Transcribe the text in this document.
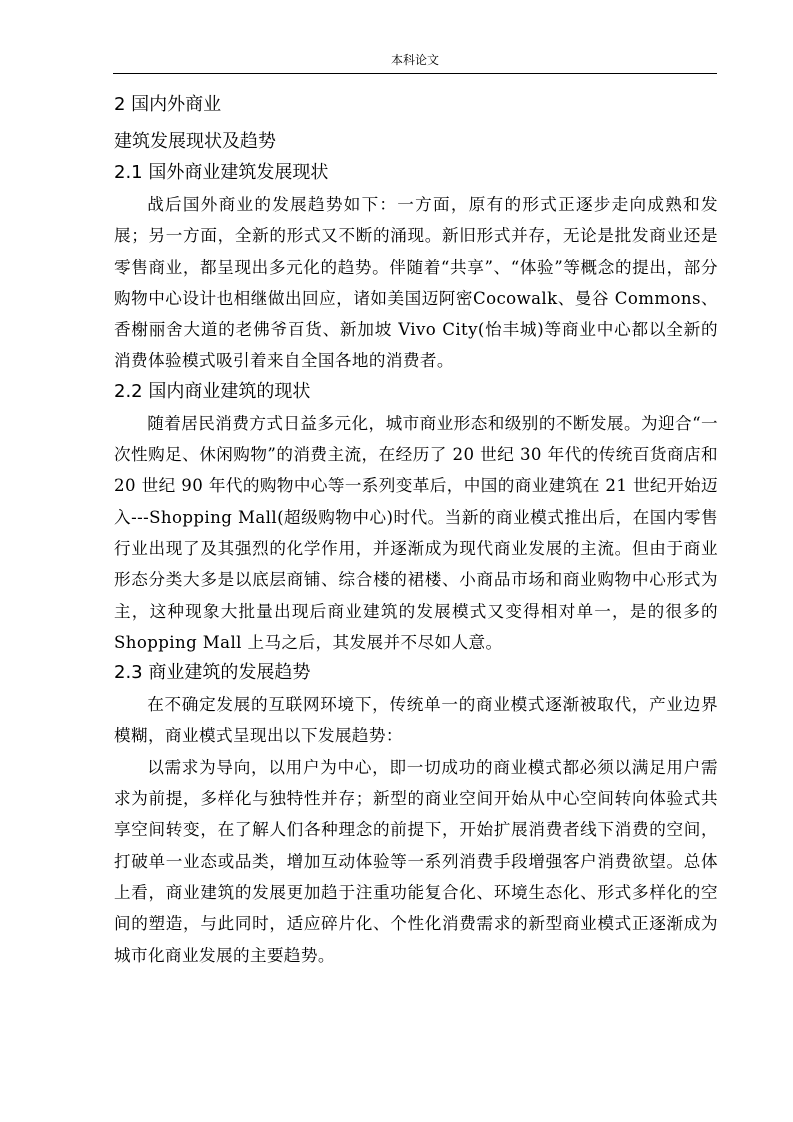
本科论文
2 国内外商业
建筑发展现状及趋势
2.1 国外商业建筑发展现状

战后国外商业的发展趋势如下：一方面，原有的形式正逐步走向成熟和发展；另一方面，全新的形式又不断的涌现。新旧形式并存，无论是批发商业还是零售商业，都呈现出多元化的趋势。伴随着“共享”、“体验”等概念的提出，部分购物中心设计也相继做出回应，诸如美国迈阿密Cocowalk、曼谷 Commons、香榭丽舍大道的老佛爷百货、新加坡 Vivo City(怡丰城)等商业中心都以全新的消费体验模式吸引着来自全国各地的消费者。

2.2 国内商业建筑的现状

随着居民消费方式日益多元化，城市商业形态和级别的不断发展。为迎合“一次性购足、休闲购物”的消费主流，在经历了 20 世纪 30 年代的传统百货商店和 20 世纪 90 年代的购物中心等一系列变革后，中国的商业建筑在 21 世纪开始迈入---Shopping Mall(超级购物中心)时代。当新的商业模式推出后，在国内零售行业出现了及其强烈的化学作用，并逐渐成为现代商业发展的主流。但由于商业形态分类大多是以底层商铺、综合楼的裙楼、小商品市场和商业购物中心形式为主，这种现象大批量出现后商业建筑的发展模式又变得相对单一，是的很多的 Shopping Mall 上马之后，其发展并不尽如人意。

2.3 商业建筑的发展趋势

在不确定发展的互联网环境下，传统单一的商业模式逐渐被取代，产业边界模糊，商业模式呈现出以下发展趋势：

以需求为导向，以用户为中心，即一切成功的商业模式都必须以满足用户需求为前提，多样化与独特性并存；新型的商业空间开始从中心空间转向体验式共享空间转变，在了解人们各种理念的前提下，开始扩展消费者线下消费的空间，打破单一业态或品类，增加互动体验等一系列消费手段增强客户消费欲望。总体上看，商业建筑的发展更加趋于注重功能复合化、环境生态化、形式多样化的空间的塑造，与此同时，适应碎片化、个性化消费需求的新型商业模式正逐渐成为城市化商业发展的主要趋势。
